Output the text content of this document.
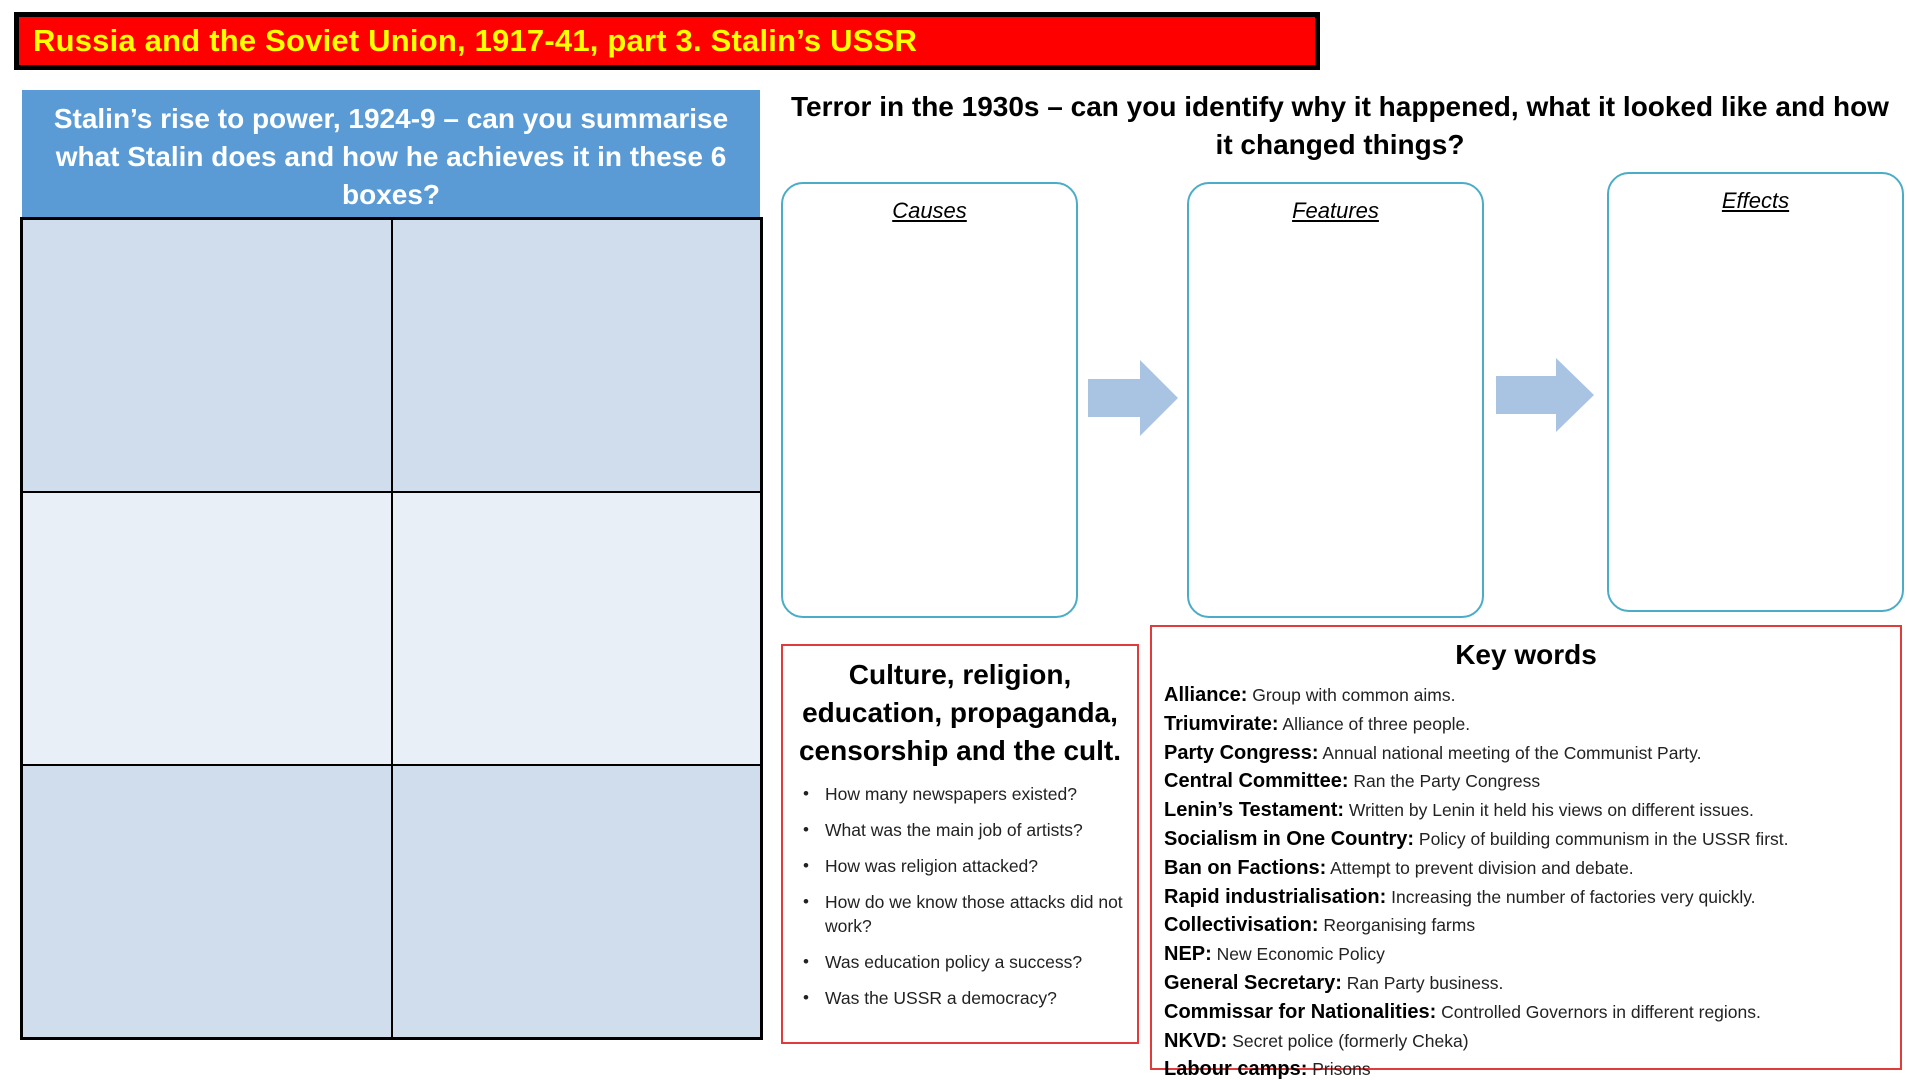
Russia and the Soviet Union, 1917-41, part 3. Stalin’s USSR
Stalin’s rise to power, 1924-9 – can you summarise what Stalin does and how he achieves it in these 6 boxes?
Terror in the 1930s – can you identify why it happened, what it looked like and how it changed things?
Causes	Features	Effects
Culture, religion, education, propaganda, censorship and the cult.
• How many newspapers existed?
• What was the main job of artists?
• How was religion attacked?
• How do we know those attacks did not work?
• Was education policy a success?
• Was the USSR a democracy?
Key words
Alliance: Group with common aims.
Triumvirate: Alliance of three people.
Party Congress: Annual national meeting of the Communist Party.
Central Committee: Ran the Party Congress
Lenin’s Testament: Written by Lenin it held his views on different issues.
Socialism in One Country: Policy of building communism in the USSR first.
Ban on Factions: Attempt to prevent division and debate.
Rapid industrialisation: Increasing the number of factories very quickly.
Collectivisation: Reorganising farms
NEP: New Economic Policy
General Secretary: Ran Party business.
Commissar for Nationalities: Controlled Governors in different regions.
NKVD: Secret police (formerly Cheka)
Labour camps: Prisons
